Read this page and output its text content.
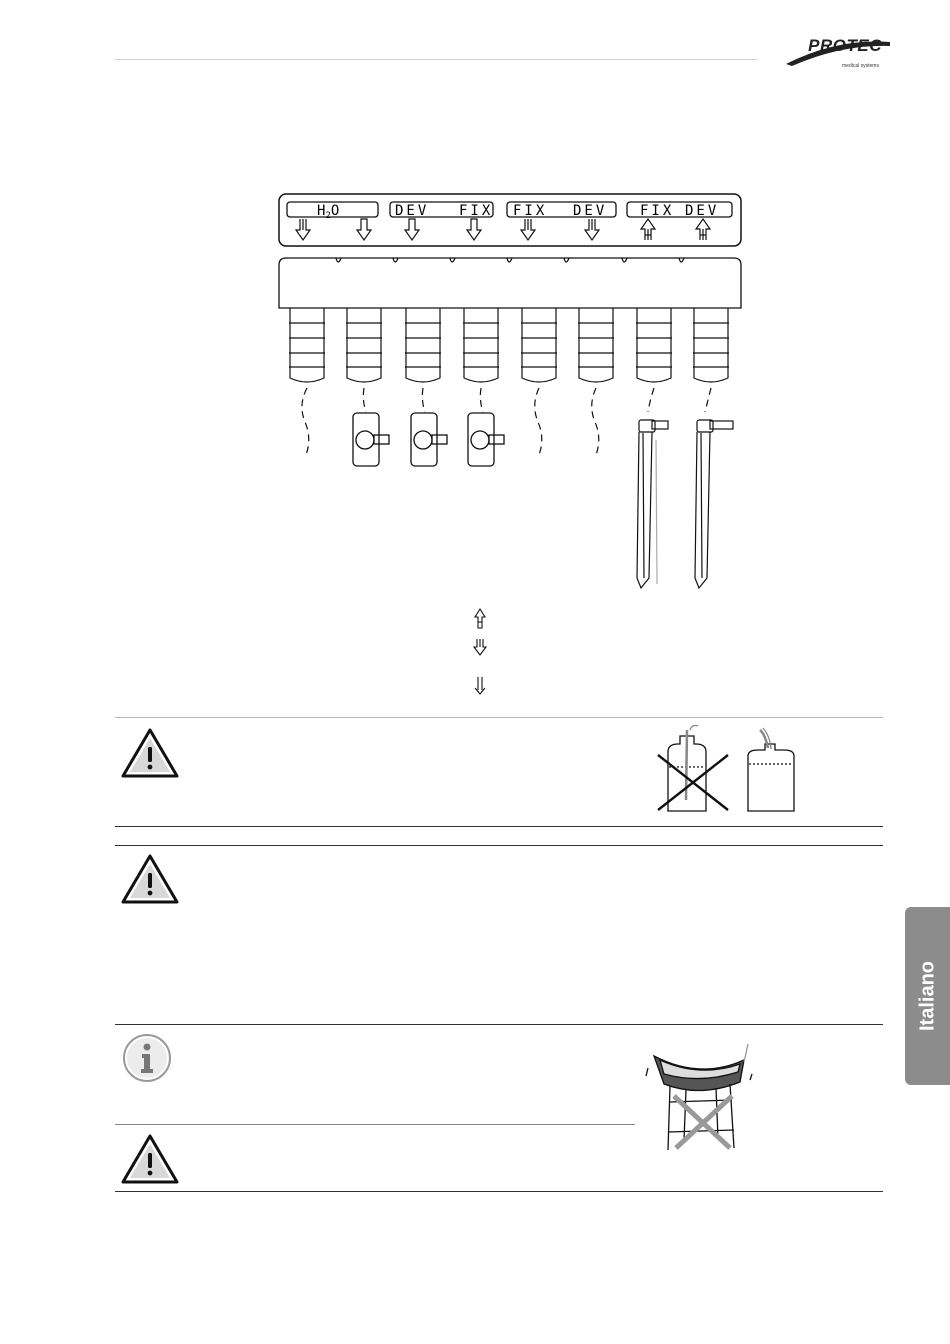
PROTEC
medical systems
$H_2O$	DEV FIX FIX DEV FIX DEV
Italiano
